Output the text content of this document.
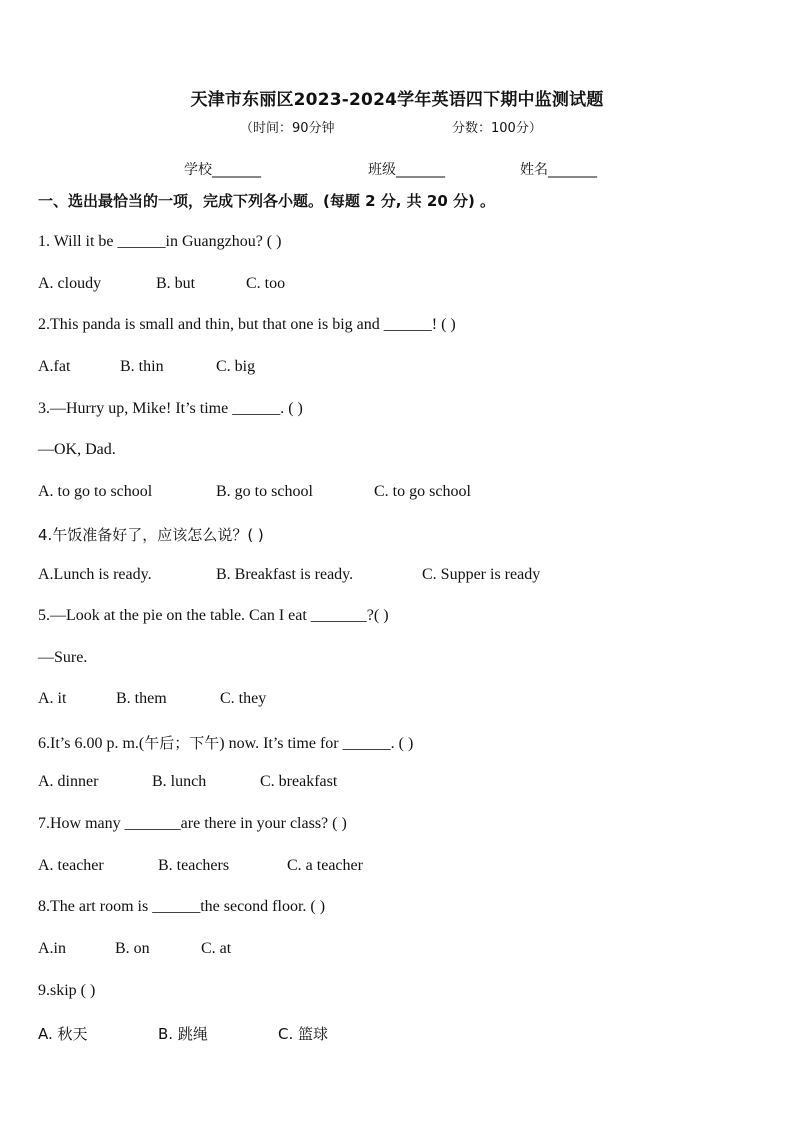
天津市东丽区2023-2024学年英语四下期中监测试题
（时间：90分钟	分数：100分）
学校_______	班级_______	姓名_______
一、选出最恰当的一项，完成下列各小题。(每题 2 分, 共 20 分) 。
1. Will it be ______in Guangzhou? ( )
A. cloudy	B. but	C. too
2.This panda is small and thin, but that one is big and ______! ( )
A.fat	B. thin	C. big
3.—Hurry up, Mike! It’s time ______. ( )
—OK, Dad.
A. to go to school	B. go to school	C. to go school
4.午饭准备好了，应该怎么说？( )
A.Lunch is ready.	B. Breakfast is ready.	C. Supper is ready
5.—Look at the pie on the table. Can I eat _______?( )
—Sure.
A. it	B. them	C. they
6.It’s 6.00 p. m.(午后；下午) now. It’s time for ______. ( )
A. dinner	B. lunch	C. breakfast
7.How many _______are there in your class? ( )
A. teacher	B. teachers	C. a teacher
8.The art room is ______the second floor. ( )
A.in	B. on	C. at
9.skip ( )
A. 秋天	B. 跳绳	C. 篮球
